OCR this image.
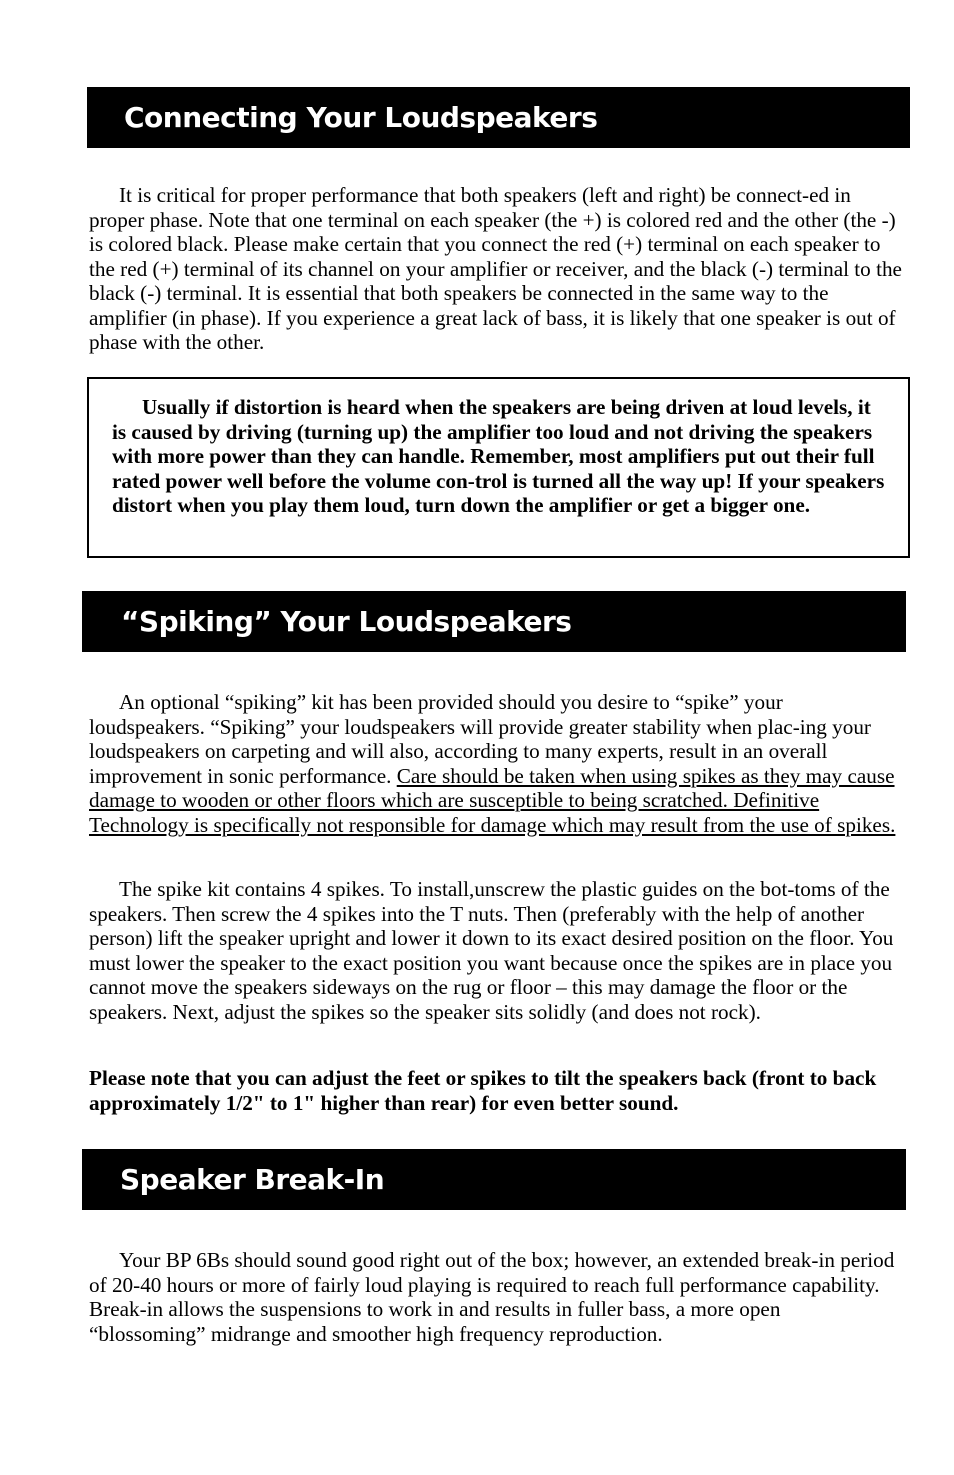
Connecting Your Loudspeakers

It is critical for proper performance that both speakers (left and right) be connect-ed in proper phase. Note that one terminal on each speaker (the +) is colored red and the other (the -) is colored black. Please make certain that you connect the red (+) terminal on each speaker to the red (+) terminal of its channel on your amplifier or receiver, and the black (-) terminal to the black (-) terminal. It is essential that both speakers be connected in the same way to the amplifier (in phase). If you experience a great lack of bass, it is likely that one speaker is out of phase with the other.

Usually if distortion is heard when the speakers are being driven at loud levels, it is caused by driving (turning up) the amplifier too loud and not driving the speakers with more power than they can handle. Remember, most amplifiers put out their full rated power well before the volume con-trol is turned all the way up! If your speakers distort when you play them loud, turn down the amplifier or get a bigger one.

“Spiking” Your Loudspeakers

An optional “spiking” kit has been provided should you desire to “spike” your loudspeakers. “Spiking” your loudspeakers will provide greater stability when plac-ing your loudspeakers on carpeting and will also, according to many experts, result in an overall improvement in sonic performance. Care should be taken when using spikes as they may cause damage to wooden or other floors which are susceptible to being scratched. Definitive Technology is specifically not responsible for damage which may result from the use of spikes.

The spike kit contains 4 spikes. To install,unscrew the plastic guides on the bot-toms of the speakers. Then screw the 4 spikes into the T nuts. Then (preferably with the help of another person) lift the speaker upright and lower it down to its exact desired position on the floor. You must lower the speaker to the exact position you want because once the spikes are in place you cannot move the speakers sideways on the rug or floor – this may damage the floor or the speakers. Next, adjust the spikes so the speaker sits solidly (and does not rock).

Please note that you can adjust the feet or spikes to tilt the speakers back (front to back approximately 1/2" to 1" higher than rear) for even better sound.

Speaker Break-In

Your BP 6Bs should sound good right out of the box; however, an extended break-in period of 20-40 hours or more of fairly loud playing is required to reach full performance capability. Break-in allows the suspensions to work in and results in fuller bass, a more open “blossoming” midrange and smoother high frequency reproduction.
